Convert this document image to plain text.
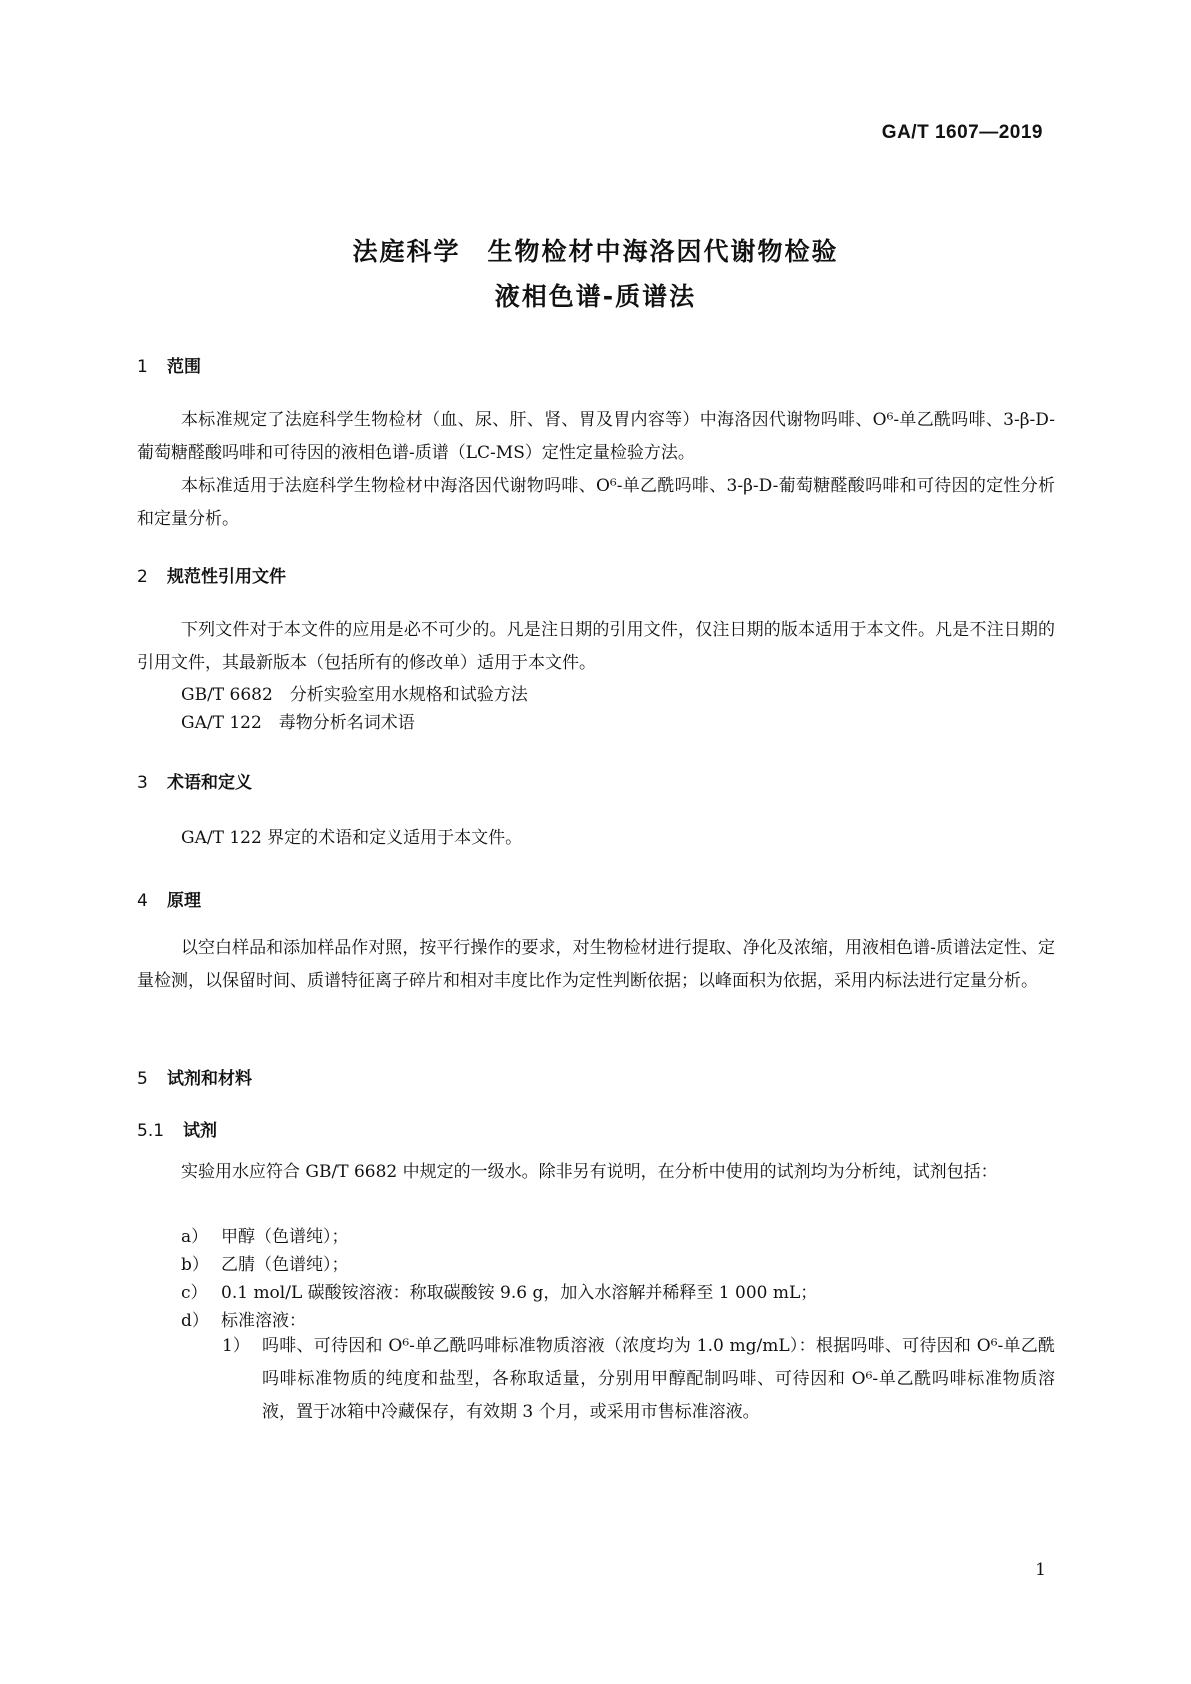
GA/T 1607—2019
法庭科学　生物检材中海洛因代谢物检验
液相色谱-质谱法
1 范围
本标准规定了法庭科学生物检材（血、尿、肝、肾、胃及胃内容等）中海洛因代谢物吗啡、O⁶-单乙酰吗啡、3-β-D-葡萄糖醛酸吗啡和可待因的液相色谱-质谱（LC-MS）定性定量检验方法。
本标准适用于法庭科学生物检材中海洛因代谢物吗啡、O⁶-单乙酰吗啡、3-β-D-葡萄糖醛酸吗啡和可待因的定性分析和定量分析。
2 规范性引用文件
下列文件对于本文件的应用是必不可少的。凡是注日期的引用文件，仅注日期的版本适用于本文件。凡是不注日期的引用文件，其最新版本（包括所有的修改单）适用于本文件。
GB/T 6682　分析实验室用水规格和试验方法
GA/T 122　毒物分析名词术语
3 术语和定义
GA/T 122 界定的术语和定义适用于本文件。
4 原理
以空白样品和添加样品作对照，按平行操作的要求，对生物检材进行提取、净化及浓缩，用液相色谱-质谱法定性、定量检测，以保留时间、质谱特征离子碎片和相对丰度比作为定性判断依据；以峰面积为依据，采用内标法进行定量分析。
5 试剂和材料
5.1 试剂
实验用水应符合 GB/T 6682 中规定的一级水。除非另有说明，在分析中使用的试剂均为分析纯，试剂包括：
a） 甲醇（色谱纯）；
b） 乙腈（色谱纯）；
c） 0.1 mol/L 碳酸铵溶液：称取碳酸铵 9.6 g，加入水溶解并稀释至 1 000 mL；
d） 标准溶液：
1） 吗啡、可待因和 O⁶-单乙酰吗啡标准物质溶液（浓度均为 1.0 mg/mL）：根据吗啡、可待因和 O⁶-单乙酰吗啡标准物质的纯度和盐型，各称取适量，分别用甲醇配制吗啡、可待因和 O⁶-单乙酰吗啡标准物质溶液，置于冰箱中冷藏保存，有效期 3 个月，或采用市售标准溶液。
1
